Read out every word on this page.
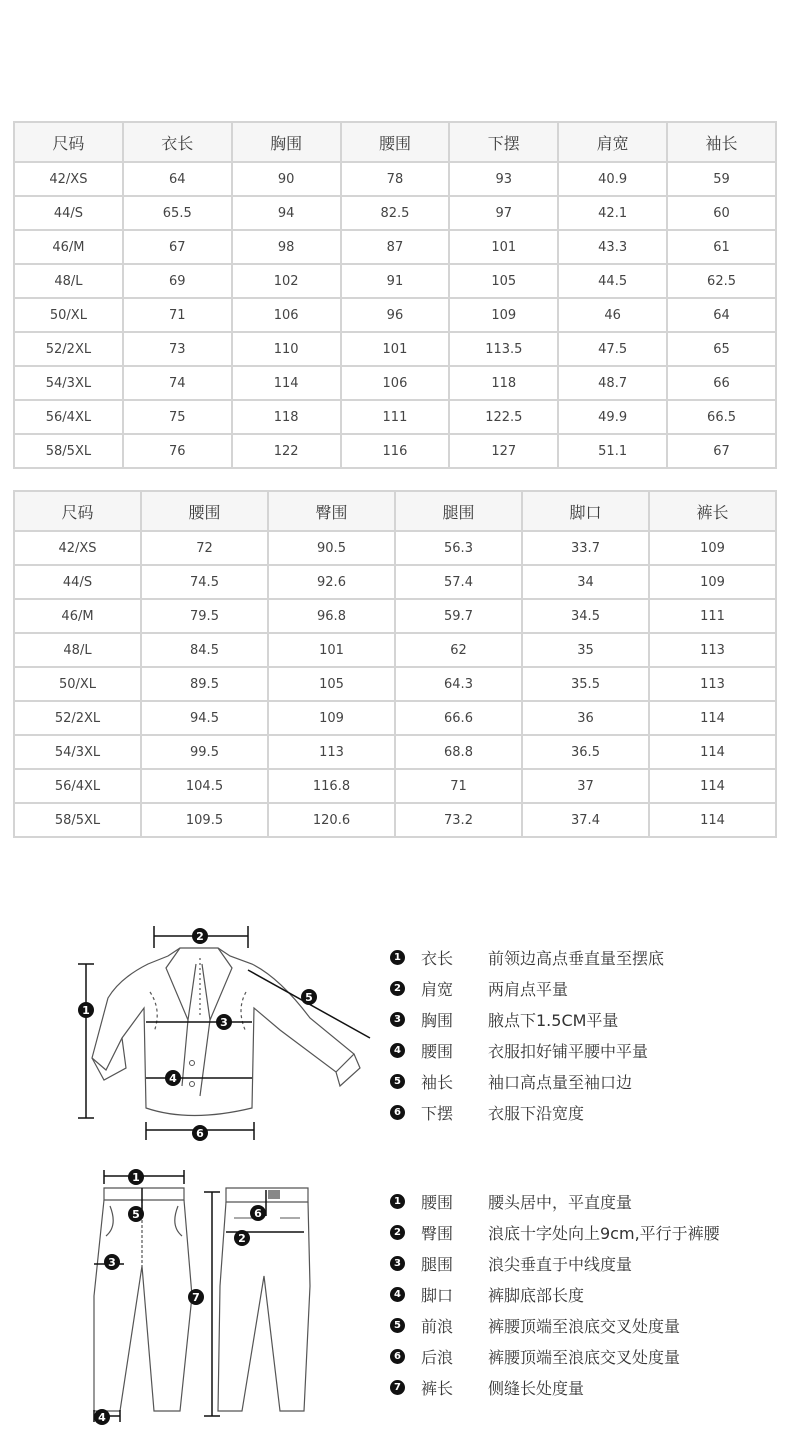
尺码	衣长	胸围	腰围	下摆	肩宽	袖长
42/XS	64	90	78	93	40.9	59
44/S	65.5	94	82.5	97	42.1	60
46/M	67	98	87	101	43.3	61
48/L	69	102	91	105	44.5	62.5
50/XL	71	106	96	109	46	64
52/2XL	73	110	101	113.5	47.5	65
54/3XL	74	114	106	118	48.7	66
56/4XL	75	118	111	122.5	49.9	66.5
58/5XL	76	122	116	127	51.1	67
尺码	腰围	臀围	腿围	脚口	裤长
42/XS	72	90.5	56.3	33.7	109
44/S	74.5	92.6	57.4	34	109
46/M	79.5	96.8	59.7	34.5	111
48/L	84.5	101	62	35	113
50/XL	89.5	105	64.3	35.5	113
52/2XL	94.5	109	66.6	36	114
54/3XL	99.5	113	68.8	36.5	114
56/4XL	104.5	116.8	71	37	114
58/5XL	109.5	120.6	73.2	37.4	114
1
2
3
4
5
6
1
2
3
4
5	6
7
1 衣长 前领边高点垂直量至摆底
2 肩宽 两肩点平量
3 胸围 腋点下1.5CM平量
4 腰围 衣服扣好铺平腰中平量
5 袖长 袖口高点量至袖口边
6 下摆 衣服下沿宽度
1 腰围 腰头居中，平直度量
2 臀围 浪底十字处向上9cm,平行于裤腰
3 腿围 浪尖垂直于中线度量
4 脚口 裤脚底部长度
5 前浪 裤腰顶端至浪底交叉处度量
6 后浪 裤腰顶端至浪底交叉处度量
7 裤长 侧缝长处度量
